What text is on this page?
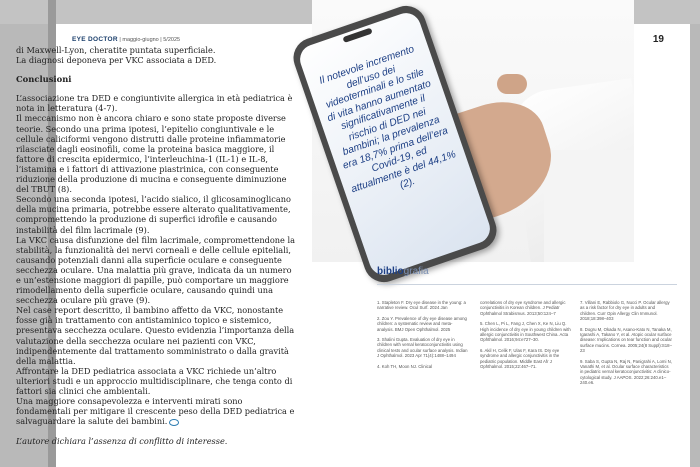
EYE DOCTOR | maggio-giugno | 5/2025	19

di Maxwell-Lyon, cheratite puntata superficiale.

La diagnosi deponeva per VKC associata a DED.

Conclusioni

L’associazione tra DED e congiuntivite allergica in età pediatrica è nota in letteratura (4-7).

Il meccanismo non è ancora chiaro e sono state proposte diverse teorie. Secondo una prima ipotesi, l’epitelio congiuntivale e le cellule caliciformi vengono distrutti dalle proteine infiammatorie rilasciate dagli eosinofili, come la proteina basica maggiore, il fattore di crescita epidermico, l’interleuchina-1 (IL-1) e IL-8, l’istamina e i fattori di attivazione piastrinica, con conseguente riduzione della produzione di mucina e conseguente diminuzione del TBUT (8).

Secondo una seconda ipotesi, l’acido sialico, il glicosaminoglicano della mucina primaria, potrebbe essere alterato qualitativamente, compromettendo la produzione di superfici idrofile e causando instabilità del film lacrimale (9).

La VKC causa disfunzione del film lacrimale, compromettendone la stabilità, la funzionalità dei nervi corneali e delle cellule epiteliali, causando potenziali danni alla superficie oculare e conseguente secchezza oculare. Una malattia più grave, indicata da un numero e un’estensione maggiori di papille, può comportare un maggiore rimodellamento della superficie oculare, causando quindi una secchezza oculare più grave (9).

Nel case report descritto, il bambino affetto da VKC, nonostante fosse già in trattamento con antistaminico topico e sistemico, presentava secchezza oculare. Questo evidenzia l’importanza della valutazione della secchezza oculare nei pazienti con VKC, indipendentemente dal trattamento somministrato o dalla gravità della malattia.

Affrontare la DED pediatrica associata a VKC richiede un’altro ulteriori studi e un approccio multidisciplinare, che tenga conto di fattori sia clinici che ambientali.

Una maggiore consapevolezza e interventi mirati sono fondamentali per mitigare il crescente peso della DED pediatrica e salvaguardare la salute dei bambini.

L’autore dichiara l’assenza di conflitto di interesse.

Il notevole incremento dell’uso dei videoterminali e lo stile di vita hanno aumentato significativamente il rischio di DED nei bambini; la prevalenza era 18,7% prima dell’era Covid-19, ed attualmente è del 44,1% (2).
bibliografia

1. Stapleton F. Dry eye disease in the young: a narrative review. Ocul Surf. 2024 Jan

2. Zou Y. Prevalence of dry eye disease among children: a systematic review and meta-analysis. BMJ Open Ophthalmol. 2025

3. Shalini Gupta. Evaluation of dry eye in children with vernal keratoconjunctivitis using clinical tests and ocular surface analysis. Indian J Ophthalmol. 2023 Apr 71(4):1488–1494

4. Koh TH, Moon NJ. Clinical

correlations of dry eye syndrome and allergic conjunctivitis in Korean children. J Pediatr Ophthalmol Strabismus. 2013;50:124–7

5. Chen L, Pi L, Fang J, Chen X, Ke N, Liu Q. High incidence of dry eye in young children with allergic conjunctivitis in Southwest China. Acta Ophthalmol. 2016;94:e727–30.

6. Akil H, Celik F, Ulas F, Kara IS. Dry eye syndrome and allergic conjunctivitis in the pediatric population. Middle East Afr J Ophthalmol. 2015;22:467–71.

7. Villani E, Rabbiolo G, Nucci P. Ocular allergy as a risk factor for dry eye in adults and children. Curr Opin Allergy Clin Immunol. 2018;18:398–403

8. Dogru M, Okada N, Asano-Kato N, Tanaka M, Igarashi A, Takano Y, et al. Atopic ocular surface disease: Implications on tear function and ocular surface mucins. Cornea. 2005;24(8 Suppl):S18–23

9. Saba S, Gupta N, Raj N, Panigrahi A, Lomi N, Vanathi M, et al. Ocular surface characteristics in pediatric vernal keratoconjunctivitis: A clinico-cytological study. J AAPOS. 2022;26:240.e1–240.e6.
